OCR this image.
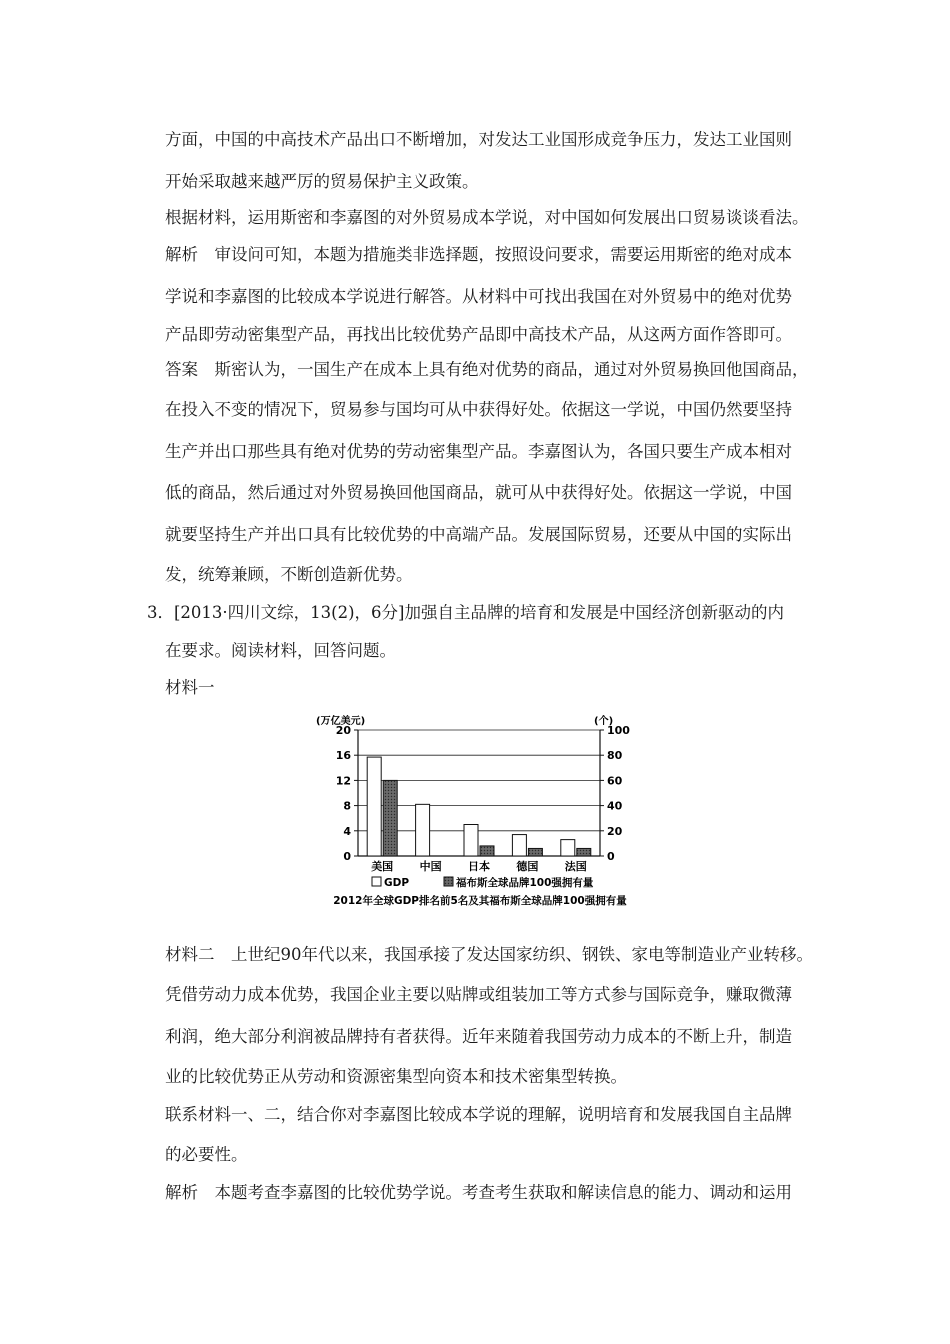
方面，中国的中高技术产品出口不断增加，对发达工业国形成竞争压力，发达工业国则
开始采取越来越严厉的贸易保护主义政策。
根据材料，运用斯密和李嘉图的对外贸易成本学说，对中国如何发展出口贸易谈谈看法。
解析　审设问可知，本题为措施类非选择题，按照设问要求，需要运用斯密的绝对成本
学说和李嘉图的比较成本学说进行解答。从材料中可找出我国在对外贸易中的绝对优势
产品即劳动密集型产品，再找出比较优势产品即中高技术产品，从这两方面作答即可。
答案　斯密认为，一国生产在成本上具有绝对优势的商品，通过对外贸易换回他国商品，
在投入不变的情况下，贸易参与国均可从中获得好处。依据这一学说，中国仍然要坚持
生产并出口那些具有绝对优势的劳动密集型产品。李嘉图认为，各国只要生产成本相对
低的商品，然后通过对外贸易换回他国商品，就可从中获得好处。依据这一学说，中国
就要坚持生产并出口具有比较优势的中高端产品。发展国际贸易，还要从中国的实际出
发，统筹兼顾，不断创造新优势。
3．[2013·四川文综，13(2)，6分]加强自主品牌的培育和发展是中国经济创新驱动的内
在要求。阅读材料，回答问题。
材料一
材料二　上世纪90年代以来，我国承接了发达国家纺织、钢铁、家电等制造业产业转移。
凭借劳动力成本优势，我国企业主要以贴牌或组装加工等方式参与国际竞争，赚取微薄
利润，绝大部分利润被品牌持有者获得。近年来随着我国劳动力成本的不断上升，制造
业的比较优势正从劳动和资源密集型向资本和技术密集型转换。
联系材料一、二，结合你对李嘉图比较成本学说的理解，说明培育和发展我国自主品牌
的必要性。
解析　本题考查李嘉图的比较优势学说。考查考生获取和解读信息的能力、调动和运用
0
4
8
12
16
20
0
20
40
60
80
100
(万亿美元)	(个)
美国 中国 日本 德国 法国
GDP	福布斯全球品牌100强拥有量
2012年全球GDP排名前5名及其福布斯全球品牌100强拥有量
